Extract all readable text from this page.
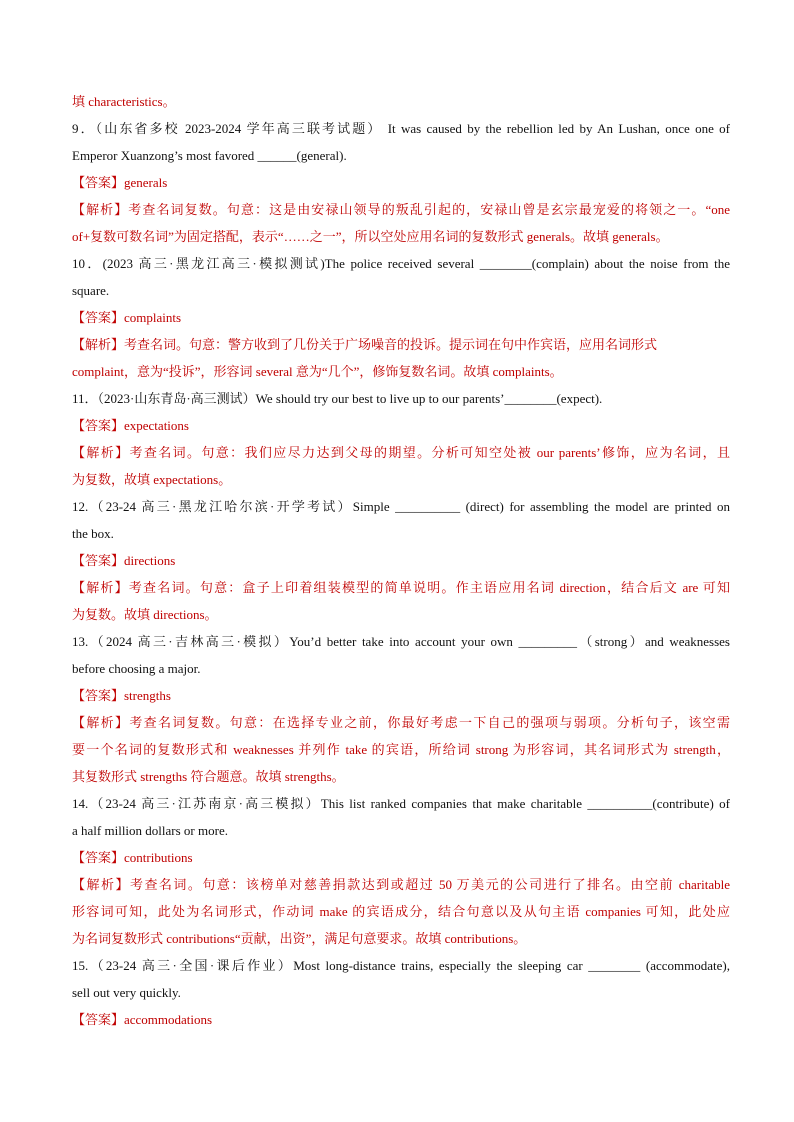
填 characteristics。
9．（山东省多校 2023-2024 学年高三联考试题） It was caused by the rebellion led by An Lushan, once one of
Emperor Xuanzong’s most favored ______(general).
【答案】generals
【解析】考查名词复数。句意：这是由安禄山领导的叛乱引起的，安禄山曾是玄宗最宠爱的将领之一。“one
of+复数可数名词”为固定搭配，表示“……之一”，所以空处应用名词的复数形式 generals。故填 generals。
10．(2023 高三·黑龙江高三·模拟测试)The police received several ________(complain) about the noise from the
square.
【答案】complaints
【解析】考查名词。句意：警方收到了几份关于广场噪音的投诉。提示词在句中作宾语，应用名词形式
complaint，意为“投诉”，形容词 several 意为“几个”，修饰复数名词。故填 complaints。
11．（2023·山东青岛·高三测试）We should try our best to live up to our parents’________(expect).
【答案】expectations
【解析】考查名词。句意：我们应尽力达到父母的期望。分析可知空处被 our parents’修饰，应为名词，且
为复数，故填 expectations。
12.（23-24 高三·黑龙江哈尔滨·开学考试）Simple __________ (direct) for assembling the model are printed on
the box.
【答案】directions
【解析】考查名词。句意：盒子上印着组装模型的简单说明。作主语应用名词 direction，结合后文 are 可知
为复数。故填 directions。
13.（2024 高三·吉林高三·模拟）You’d better take into account your own _________（strong）and weaknesses
before choosing a major.
【答案】strengths
【解析】考查名词复数。句意：在选择专业之前，你最好考虑一下自己的强项与弱项。分析句子，该空需
要一个名词的复数形式和 weaknesses 并列作 take 的宾语，所给词 strong 为形容词，其名词形式为 strength，
其复数形式 strengths 符合题意。故填 strengths。
14.（23-24 高三·江苏南京·高三模拟）This list ranked companies that make charitable __________(contribute) of
a half million dollars or more.
【答案】contributions
【解析】考查名词。句意：该榜单对慈善捐款达到或超过 50 万美元的公司进行了排名。由空前 charitable
形容词可知，此处为名词形式，作动词 make 的宾语成分，结合句意以及从句主语 companies 可知，此处应
为名词复数形式 contributions“贡献，出资”，满足句意要求。故填 contributions。
15.（23-24 高三·全国·课后作业）Most long-distance trains, especially the sleeping car ________ (accommodate),
sell out very quickly.
【答案】accommodations
